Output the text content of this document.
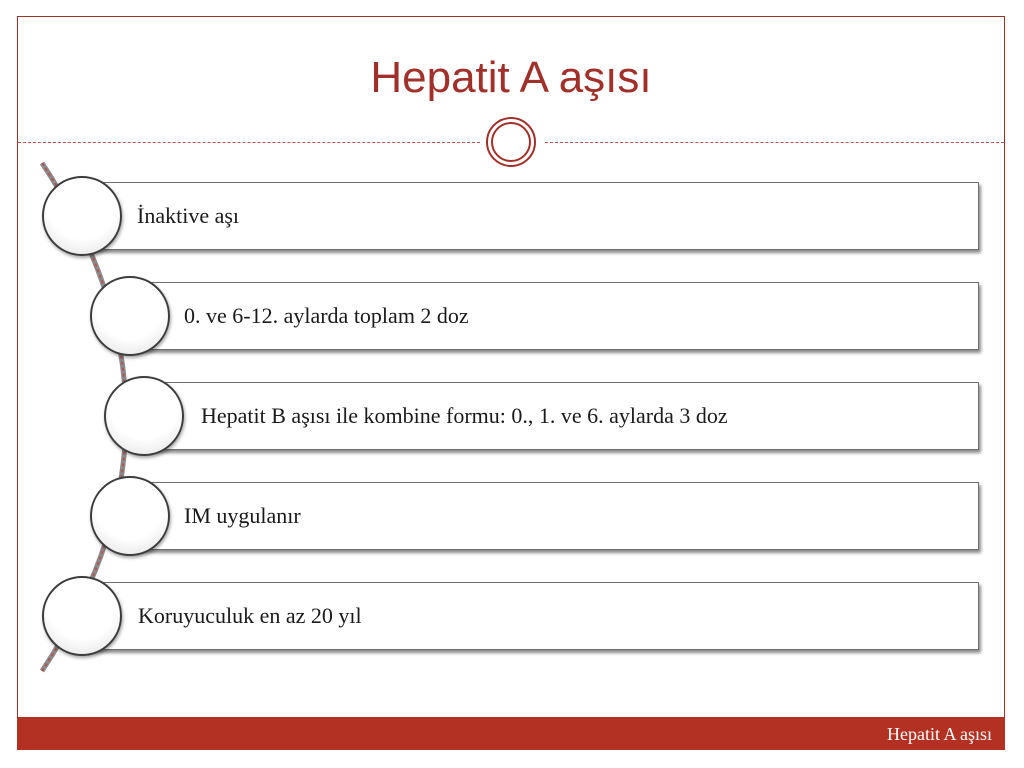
Hepatit A aşısı
İnaktive aşı
0. ve 6-12. aylarda toplam 2 doz
Hepatit B aşısı ile kombine formu: 0., 1. ve 6. aylarda 3 doz
IM uygulanır
Koruyuculuk en az 20 yıl
Hepatit A aşısı
